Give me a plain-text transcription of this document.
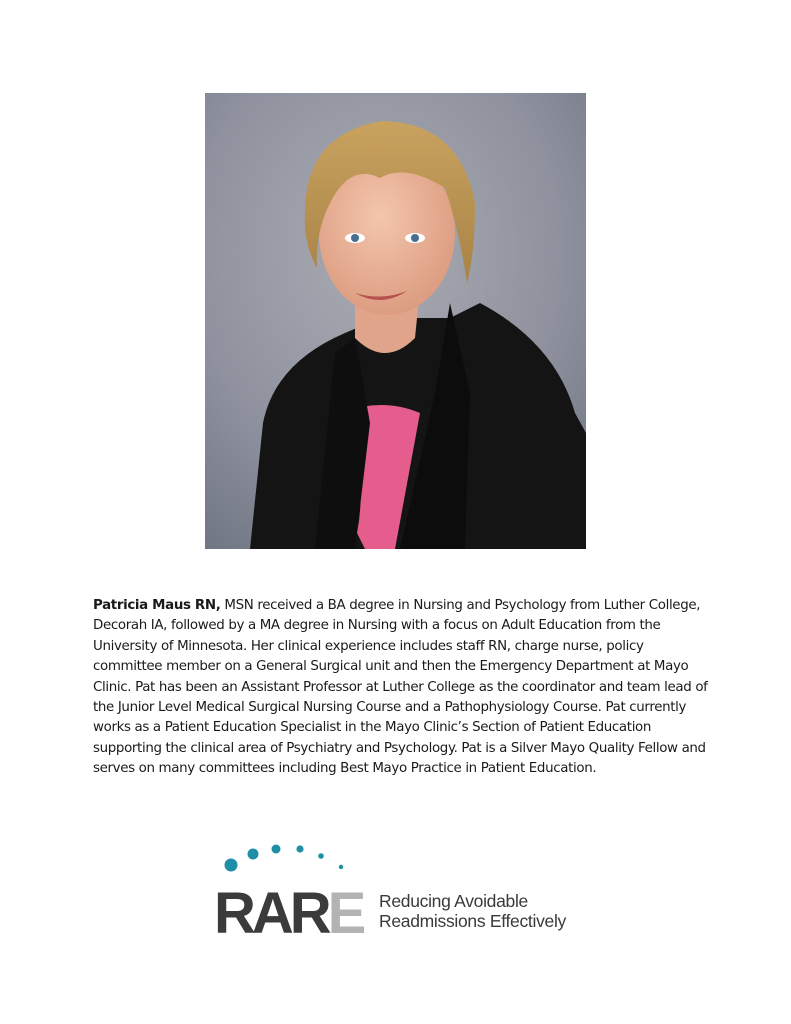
Patricia Maus RN, MSN received a BA degree in Nursing and Psychology from Luther College, Decorah IA, followed by a MA degree in Nursing with a focus on Adult Education from the University of Minnesota. Her clinical experience includes staff RN, charge nurse, policy committee member on a General Surgical unit and then the Emergency Department at Mayo Clinic. Pat has been an Assistant Professor at Luther College as the coordinator and team lead of the Junior Level Medical Surgical Nursing Course and a Pathophysiology Course. Pat currently works as a Patient Education Specialist in the Mayo Clinic’s Section of Patient Education supporting the clinical area of Psychiatry and Psychology. Pat is a Silver Mayo Quality Fellow and serves on many committees including Best Mayo Practice in Patient Education.

RARE Reducing Avoidable
Readmissions Effectively
